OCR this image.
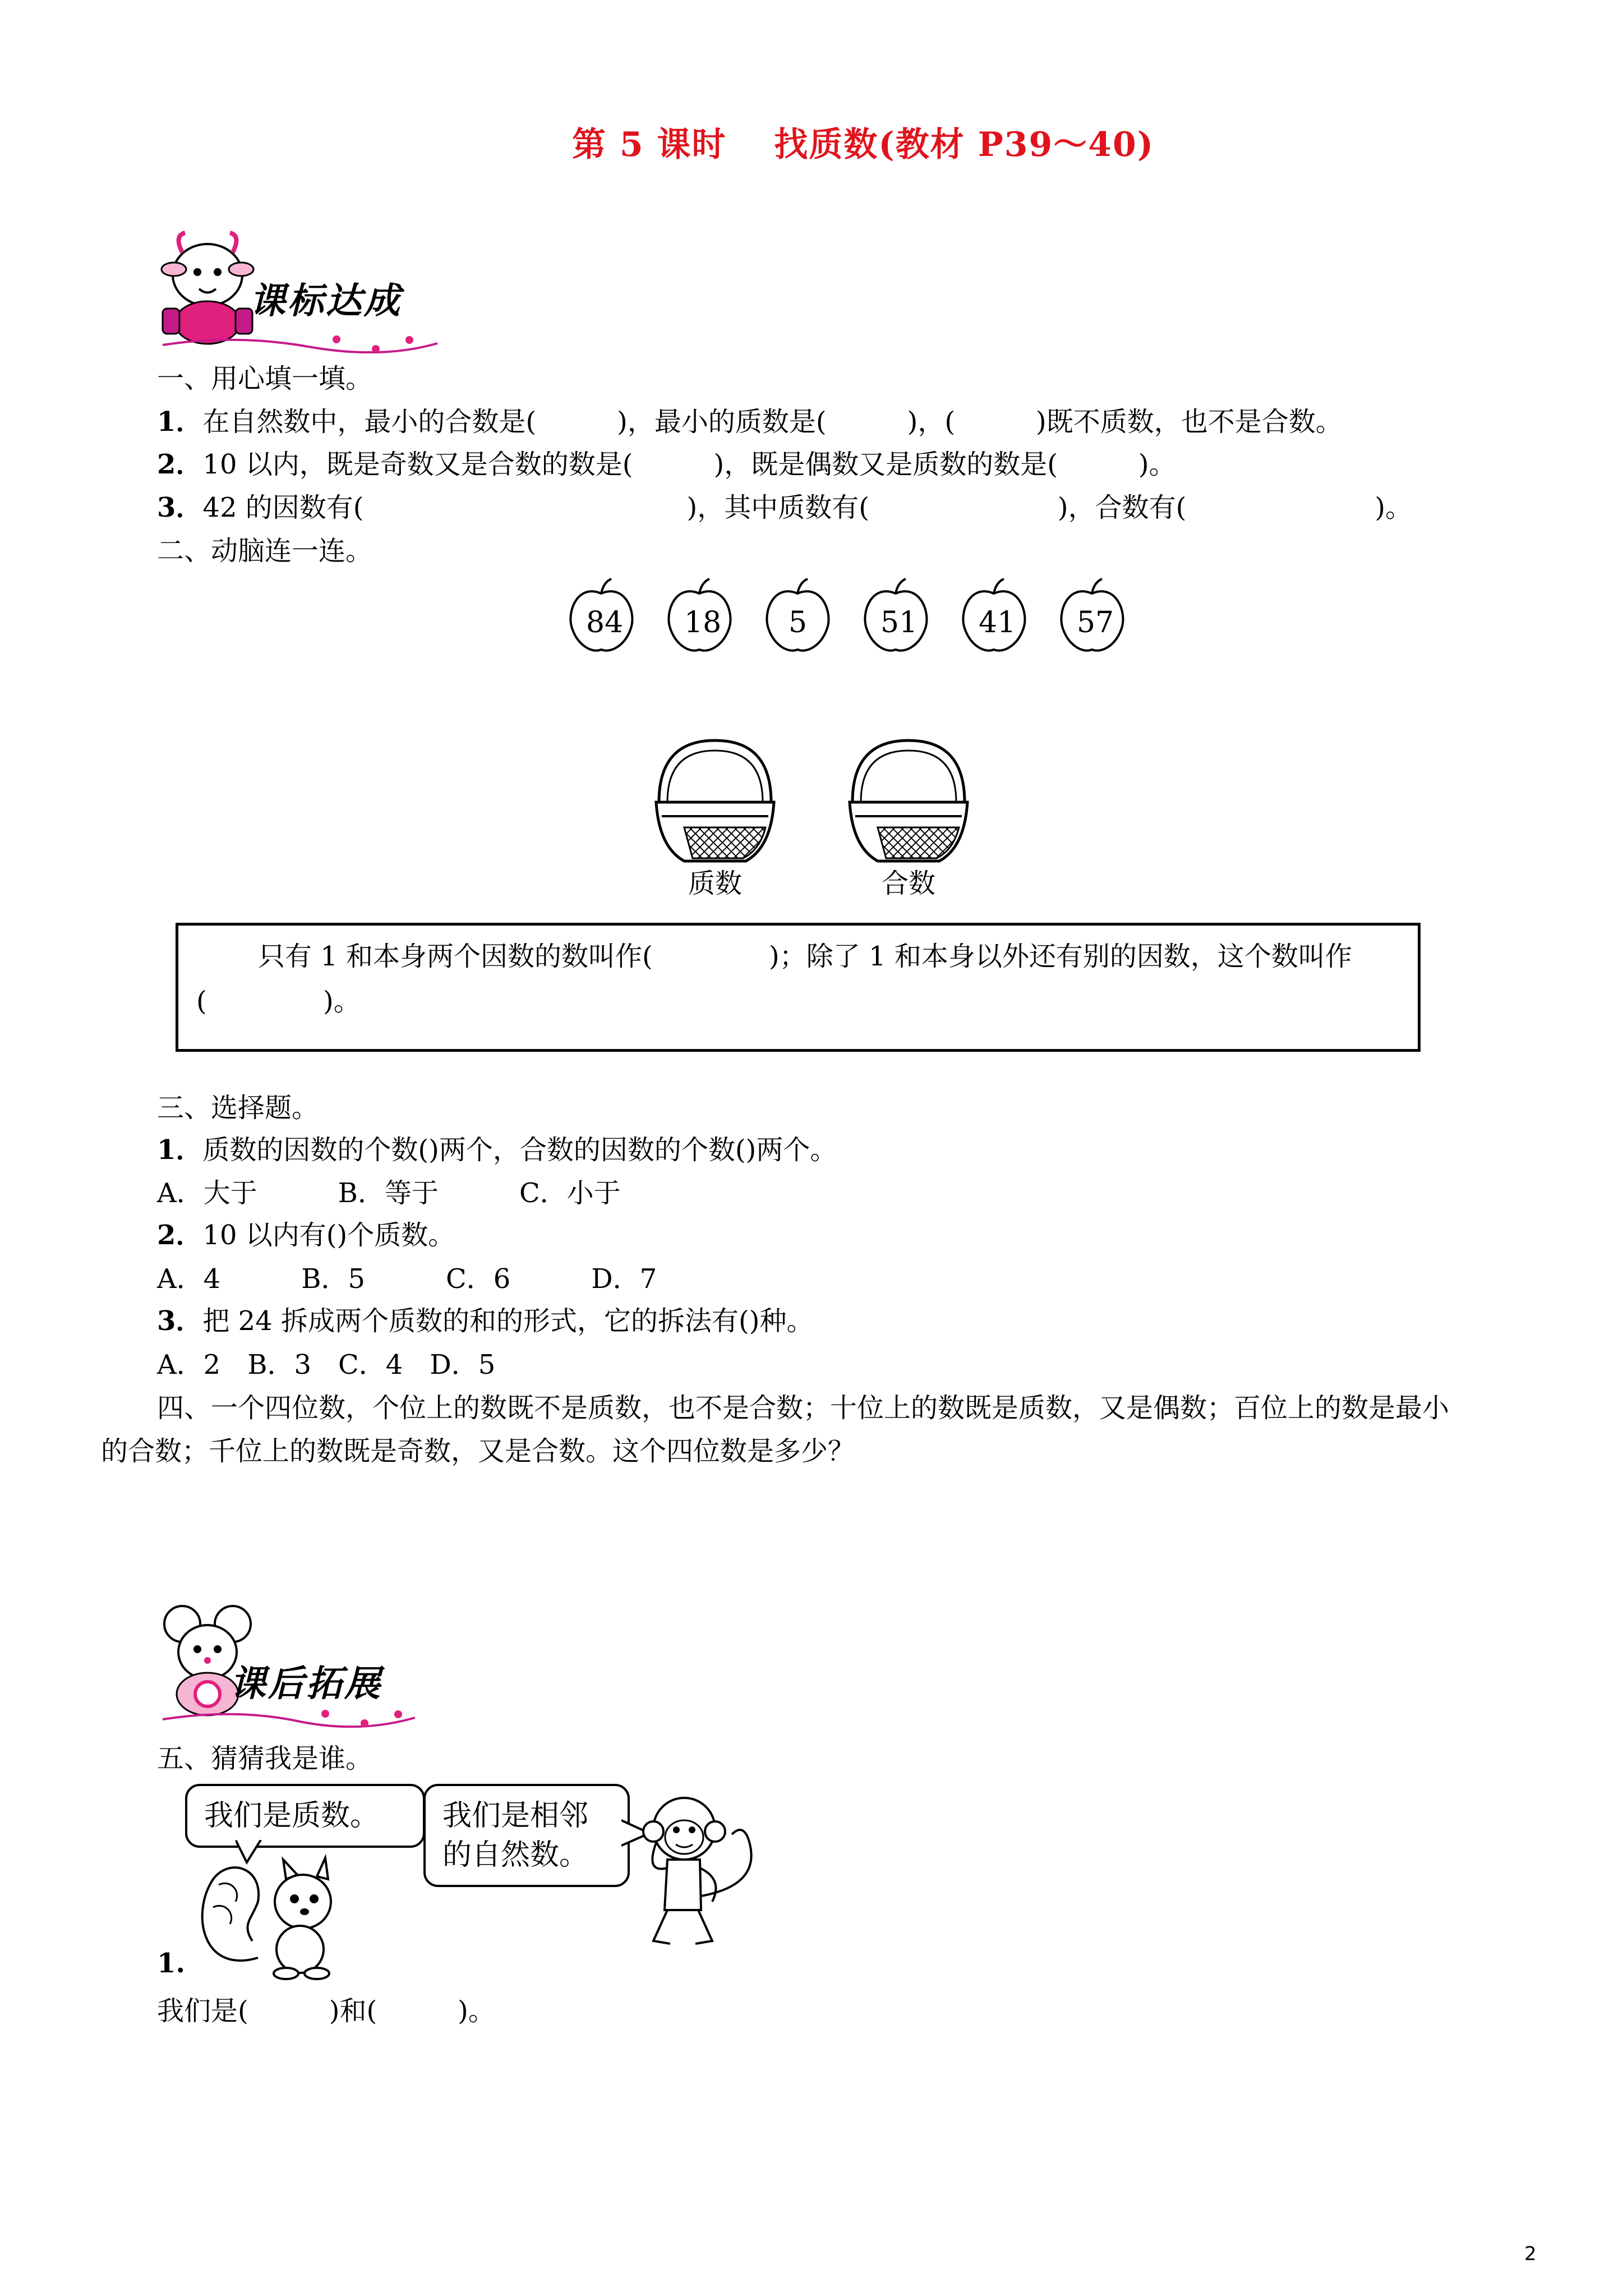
第 5 课时　 找质数(教材 P39～40)
课标达成
一、用心填一填。
1．在自然数中，最小的合数是(　　　)，最小的质数是(　　　)，(　　　)既不质数，也不是合数。
2．10 以内，既是奇数又是合数的数是(　　　)，既是偶数又是质数的数是(　　　)。
3．42 的因数有(　　　　　　　　　　　　)，其中质数有(　　　　　　　)，合数有(　　　　　　　)。
二、动脑连一连。
84 18 5	51 41 57
质数	合数
只有 1 和本身两个因数的数叫作(　　　　 )；除了 1 和本身以外还有别的因数，这个数叫作
(　　　　 )。
三、选择题。
1．质数的因数的个数()两个，合数的因数的个数()两个。
A．大于　　　B．等于　　　C．小于
2．10 以内有()个质数。
A．4　　　B．5　　　C．6　　　D．7
3．把 24 拆成两个质数的和的形式，它的拆法有()种。
A．2　B．3　C．4　D．5
四、一个四位数，个位上的数既不是质数，也不是合数；十位上的数既是质数，又是偶数；百位上的数是最小
的合数；千位上的数既是奇数，又是合数。这个四位数是多少？
课后拓展
五、猜猜我是谁。
我们是质数。	我们是相邻
的自然数。
1.
我们是(　　　)和(　　　)。
2
